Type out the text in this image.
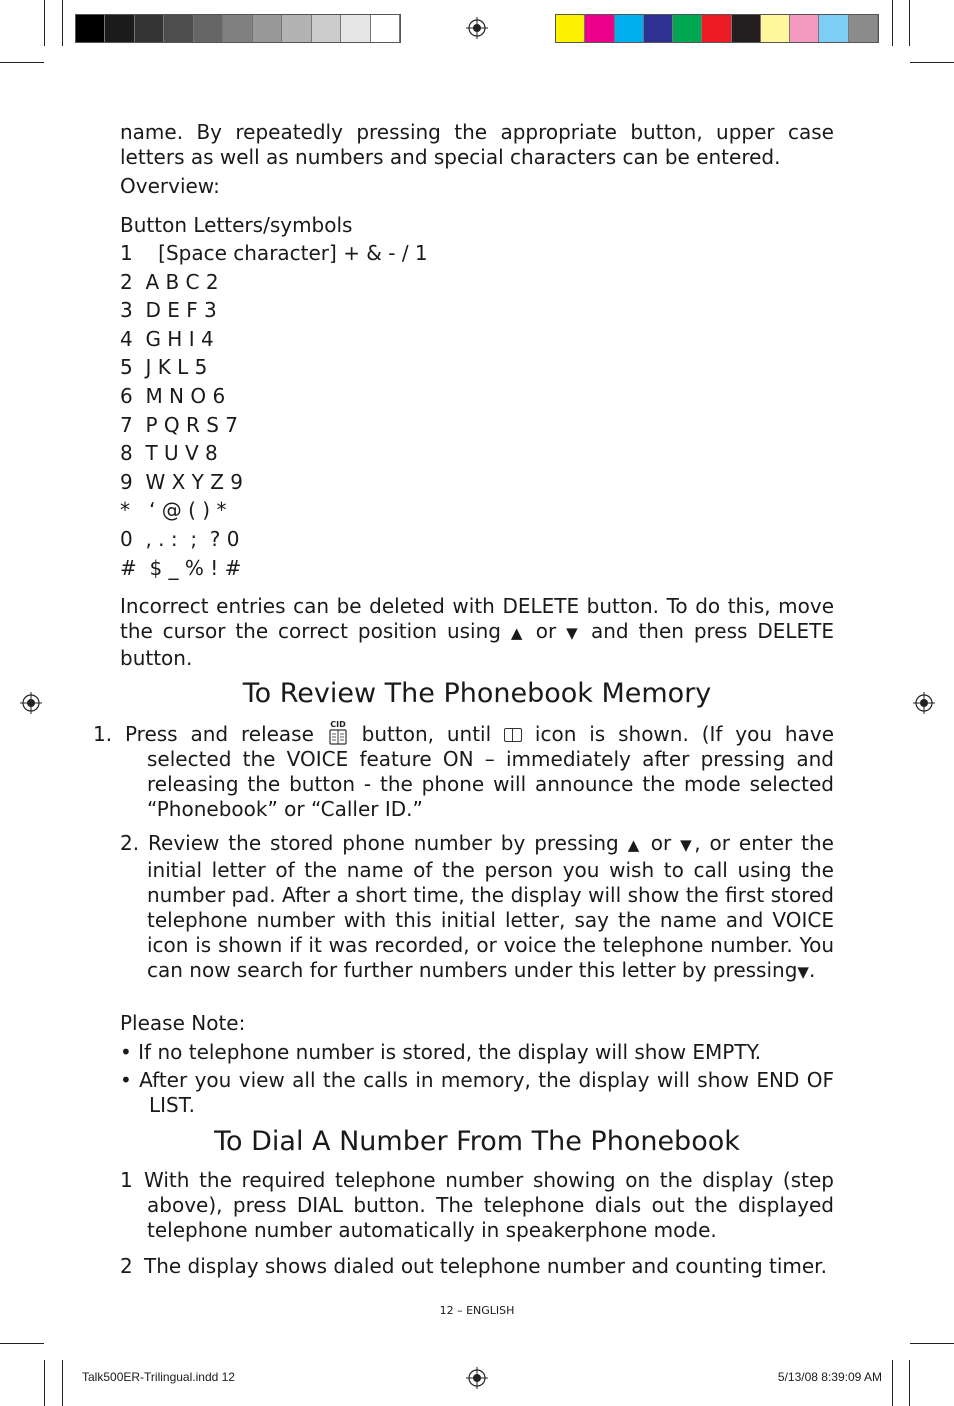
name. By repeatedly pressing the appropriate button, upper case letters as well as numbers and special characters can be entered.
Overview:
Button Letters/symbols
1    [Space character] + & - / 1
2  A B C 2
3  D E F 3
4  G H I 4
5  J K L 5
6  M N O 6
7  P Q R S 7
8  T U V 8
9  W X Y Z 9
*   ‘ @ ( ) *
0  , . :  ;  ? 0
#  $ _ % ! #
Incorrect entries can be deleted with DELETE button. To do this, move the cursor the correct position using ▲ or ▼ and then press DELETE button.
To Review The Phonebook Memory
1. Press and release CID button, until  icon is shown. (If you have selected the VOICE feature ON – immediately after pressing and releasing the button - the phone will announce the mode selected “Phonebook” or “Caller ID.”
2. Review the stored phone number by pressing ▲ or ▼, or enter the initial letter of the name of the person you wish to call using the number pad. After a short time, the display will show the first stored telephone number with this initial letter, say the name and VOICE icon is shown if it was recorded, or voice the telephone number. You can now search for further numbers under this letter by pressing▼.
Please Note:
• If no telephone number is stored, the display will show EMPTY.
• After you view all the calls in memory, the display will show END OF LIST.
To Dial A Number From The Phonebook
1 With the required telephone number showing on the display (step above), press DIAL button. The telephone dials out the displayed telephone number automatically in speakerphone mode.
2 The display shows dialed out telephone number and counting timer.
12 – ENGLISH
Talk500ER-Trilingual.indd 12	5/13/08 8:39:09 AM
